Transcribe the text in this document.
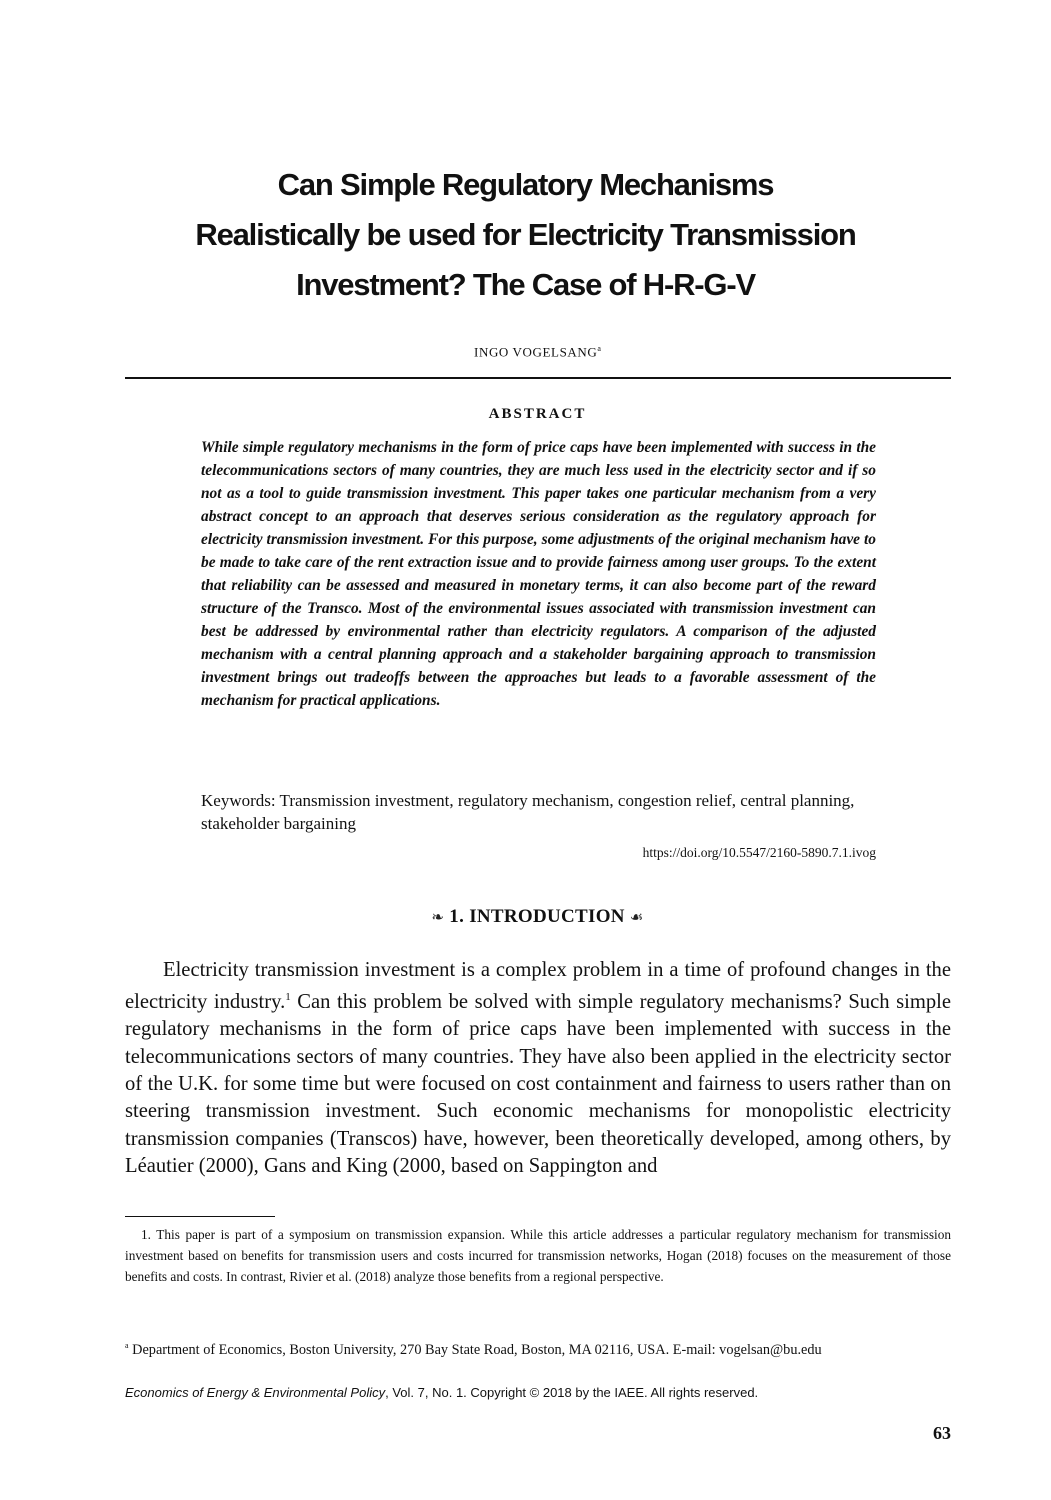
Can Simple Regulatory Mechanisms
Realistically be used for Electricity Transmission
Investment? The Case of H-R-G-V
INGO VOGELSANG$^a$
ABSTRACT
While simple regulatory mechanisms in the form of price caps have been implemented with success in the telecommunications sectors of many countries, they are much less used in the electricity sector and if so not as a tool to guide transmission investment. This paper takes one particular mechanism from a very abstract concept to an approach that deserves serious consideration as the regulatory approach for electricity transmission investment. For this purpose, some adjustments of the original mechanism have to be made to take care of the rent extraction issue and to provide fairness among user groups. To the extent that reliability can be assessed and measured in monetary terms, it can also become part of the reward structure of the Transco. Most of the environmental issues associated with transmission investment can best be addressed by environmental rather than electricity regulators. A comparison of the adjusted mechanism with a central planning approach and a stakeholder bargaining approach to transmission investment brings out tradeoffs between the approaches but leads to a favorable assessment of the mechanism for practical applications.
Keywords: Transmission investment, regulatory mechanism, congestion relief, central planning, stakeholder bargaining
https://doi.org/10.5547/2160-5890.7.1.ivog
❧ 1. INTRODUCTION ☙

Electricity transmission investment is a complex problem in a time of profound changes in the electricity industry.$^1$ Can this problem be solved with simple regulatory mechanisms? Such simple regulatory mechanisms in the form of price caps have been implemented with success in the telecommunications sectors of many countries. They have also been applied in the electricity sector of the U.K. for some time but were focused on cost containment and fairness to users rather than on steering transmission investment. Such economic mechanisms for monopolistic electricity transmission companies (Transcos) have, however, been theoretically developed, among others, by Léautier (2000), Gans and King (2000, based on Sappington and

1. This paper is part of a symposium on transmission expansion. While this article addresses a particular regulatory mechanism for transmission investment based on benefits for transmission users and costs incurred for transmission networks, Hogan (2018) focuses on the measurement of those benefits and costs. In contrast, Rivier et al. (2018) analyze those benefits from a regional perspective.

$^a$ Department of Economics, Boston University, 270 Bay State Road, Boston, MA 02116, USA. E-mail: vogelsan@bu.edu
Economics of Energy & Environmental Policy, Vol. 7, No. 1. Copyright © 2018 by the IAEE. All rights reserved.
63
